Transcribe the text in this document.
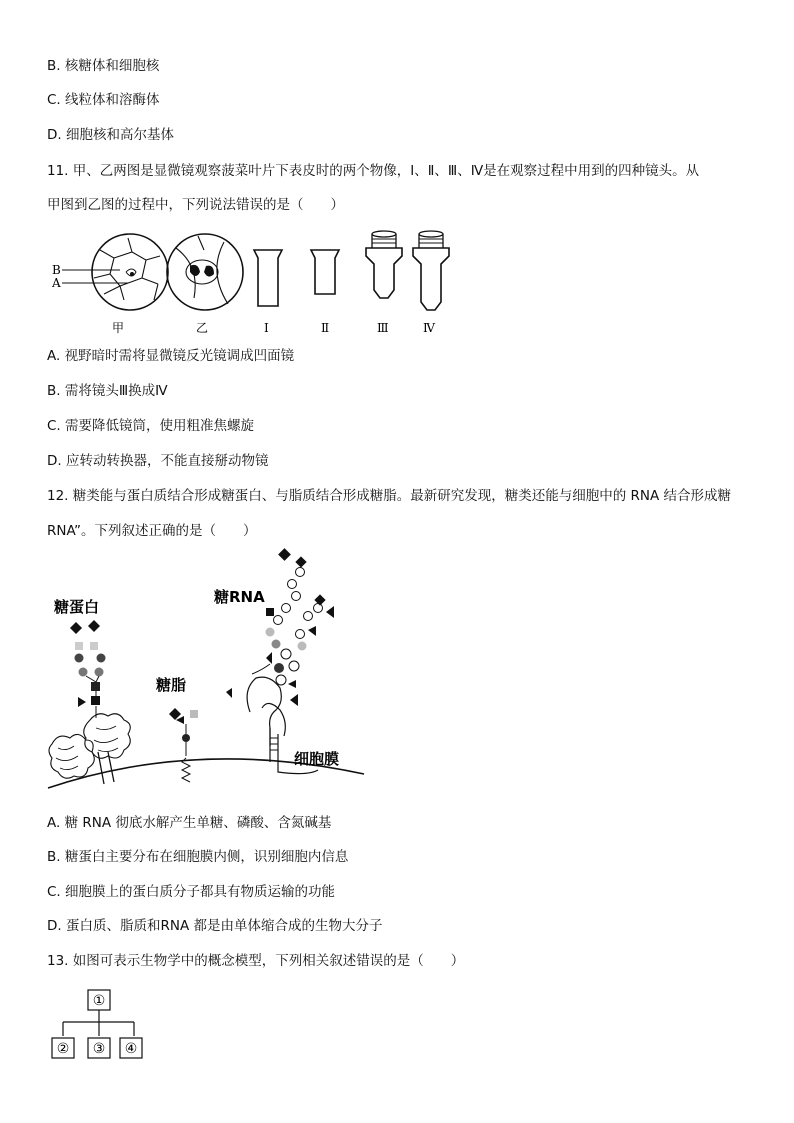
B. 核糖体和细胞核
C. 线粒体和溶酶体
D. 细胞核和高尔基体
11. 甲、乙两图是显微镜观察菠菜叶片下表皮时的两个物像，Ⅰ、Ⅱ、Ⅲ、Ⅳ是在观察过程中用到的四种镜头。从
甲图到乙图的过程中，下列说法错误的是（　　）
B
A
甲	乙	Ⅰ	Ⅱ	Ⅲ	Ⅳ
A. 视野暗时需将显微镜反光镜调成凹面镜
B. 需将镜头Ⅲ换成Ⅳ
C. 需要降低镜筒，使用粗准焦螺旋
D. 应转动转换器，不能直接掰动物镜
12. 糖类能与蛋白质结合形成糖蛋白、与脂质结合形成糖脂。最新研究发现，糖类还能与细胞中的 RNA 结合形成糖
RNA”。下列叙述正确的是（　　）
糖蛋白
糖脂
糖RNA
细胞膜
A. 糖 RNA 彻底水解产生单糖、磷酸、含氮碱基
B. 糖蛋白主要分布在细胞膜内侧，识别细胞内信息
C. 细胞膜上的蛋白质分子都具有物质运输的功能
D. 蛋白质、脂质和RNA 都是由单体缩合成的生物大分子
13. 如图可表示生物学中的概念模型，下列相关叙述错误的是（　　）
①
② ③ ④
